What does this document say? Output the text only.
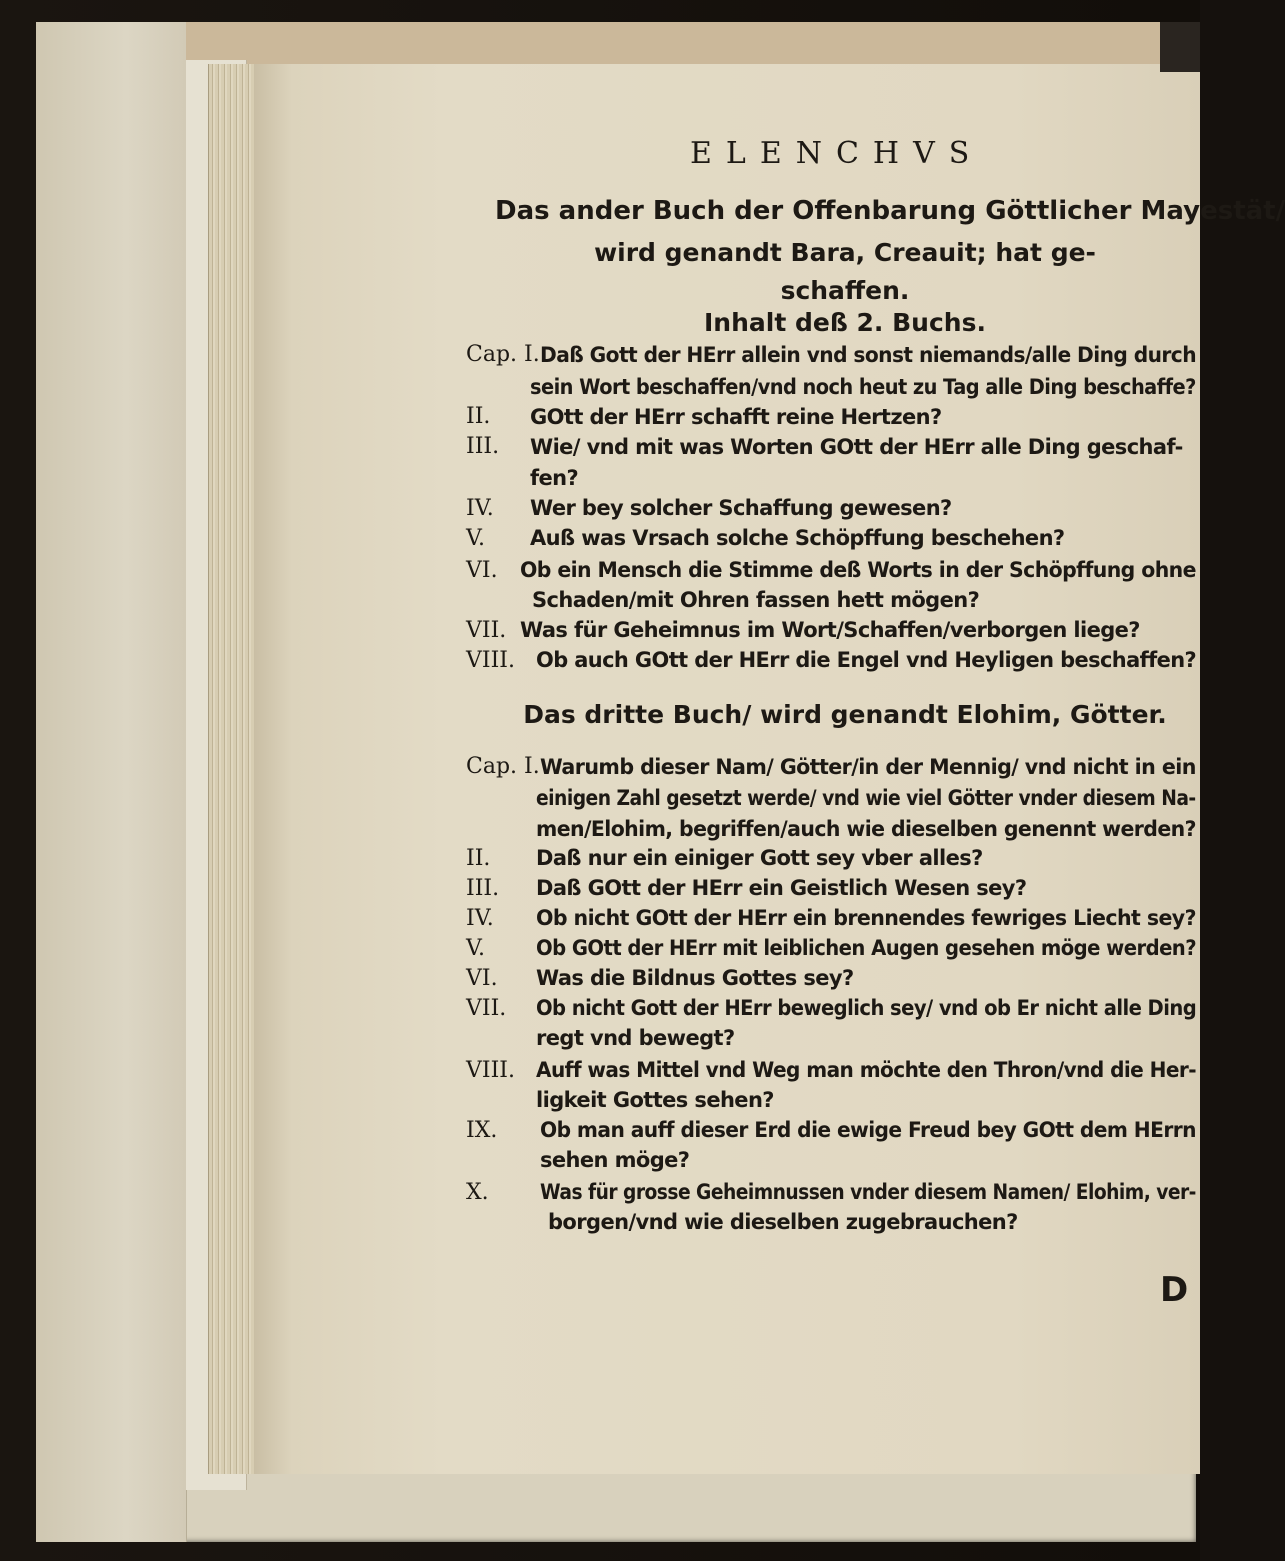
ELENCHVS
Das ander Buch der Offenbarung Göttlicher Mayestät/
wird genandt Bara, Creauit; hat ge-
schaffen.
Inhalt deß 2. Buchs.
Cap. I. Daß Gott der HErr allein vnd sonst niemands/alle Ding durch
sein Wort beschaffen/vnd noch heut zu Tag alle Ding beschaffe?
II. GOtt der HErr schafft reine Hertzen?
III. Wie/ vnd mit was Worten GOtt der HErr alle Ding geschaf-
fen?
IV. Wer bey solcher Schaffung gewesen?
V. Auß was Vrsach solche Schöpffung beschehen?
VI. Ob ein Mensch die Stimme deß Worts in der Schöpffung ohne
Schaden/mit Ohren fassen hett mögen?
VII. Was für Geheimnus im Wort/Schaffen/verborgen liege?
VIII. Ob auch GOtt der HErr die Engel vnd Heyligen beschaffen?
Das dritte Buch/ wird genandt Elohim, Götter.
Cap. I. Warumb dieser Nam/ Götter/in der Mennig/ vnd nicht in ein
einigen Zahl gesetzt werde/ vnd wie viel Götter vnder diesem Na-
men/Elohim, begriffen/auch wie dieselben genennt werden?
II. Daß nur ein einiger Gott sey vber alles?
III. Daß GOtt der HErr ein Geistlich Wesen sey?
IV. Ob nicht GOtt der HErr ein brennendes fewriges Liecht sey?
V. Ob GOtt der HErr mit leiblichen Augen gesehen möge werden?
VI. Was die Bildnus Gottes sey?
VII. Ob nicht Gott der HErr beweglich sey/ vnd ob Er nicht alle Ding
regt vnd bewegt?
VIII. Auff was Mittel vnd Weg man möchte den Thron/vnd die Her-
ligkeit Gottes sehen?
IX. Ob man auff dieser Erd die ewige Freud bey GOtt dem HErrn
sehen möge?
X. Was für grosse Geheimnussen vnder diesem Namen/ Elohim, ver-
borgen/vnd wie dieselben zugebrauchen?
D
